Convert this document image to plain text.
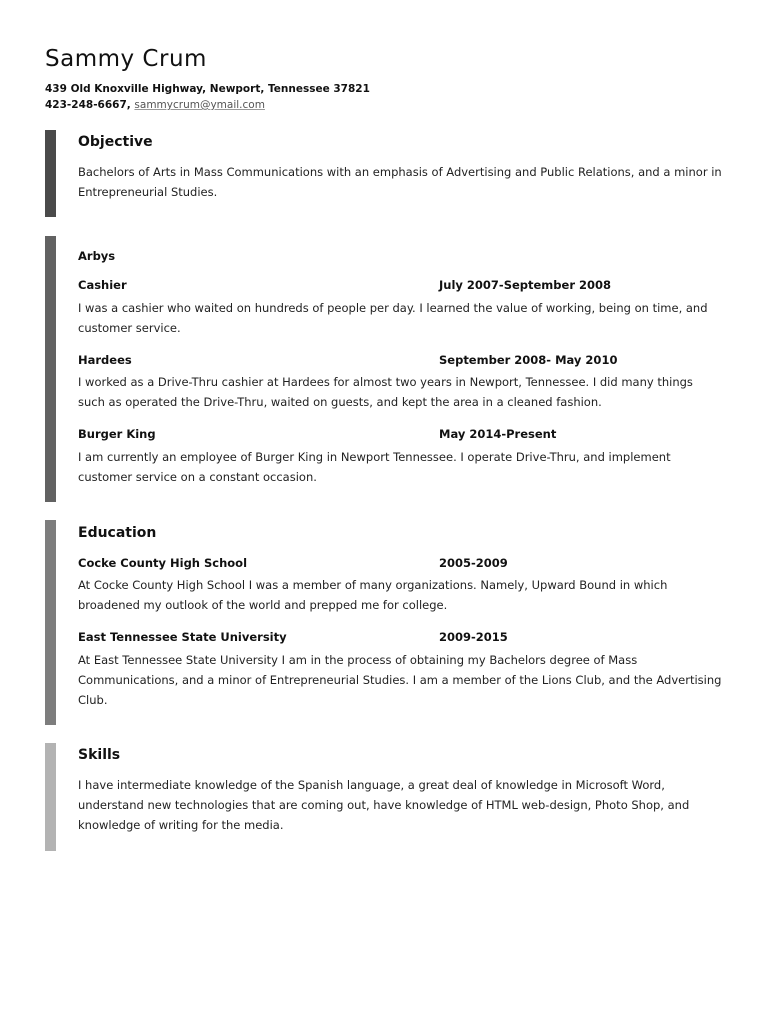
Sammy Crum
439 Old Knoxville Highway, Newport, Tennessee 37821
423-248-6667, sammycrum@ymail.com
Objective

Bachelors of Arts in Mass Communications with an emphasis of Advertising and Public Relations, and a minor in Entrepreneurial Studies.

Arbys
Cashier	July 2007-September 2008

I was a cashier who waited on hundreds of people per day. I learned the value of working, being on time, and customer service.

Hardees	September 2008- May 2010

I worked as a Drive-Thru cashier at Hardees for almost two years in Newport, Tennessee. I did many things such as operated the Drive-Thru, waited on guests, and kept the area in a cleaned fashion.

Burger King	May 2014-Present

I am currently an employee of Burger King in Newport Tennessee. I operate Drive-Thru, and implement customer service on a constant occasion.

Education
Cocke County High School	2005-2009

At Cocke County High School I was a member of many organizations. Namely, Upward Bound in which broadened my outlook of the world and prepped me for college.

East Tennessee State University	2009-2015

At East Tennessee State University I am in the process of obtaining my Bachelors degree of Mass Communications, and a minor of Entrepreneurial Studies. I am a member of the Lions Club, and the Advertising Club.

Skills

I have intermediate knowledge of the Spanish language, a great deal of knowledge in Microsoft Word, understand new technologies that are coming out, have knowledge of HTML web-design, Photo Shop, and knowledge of writing for the media.
